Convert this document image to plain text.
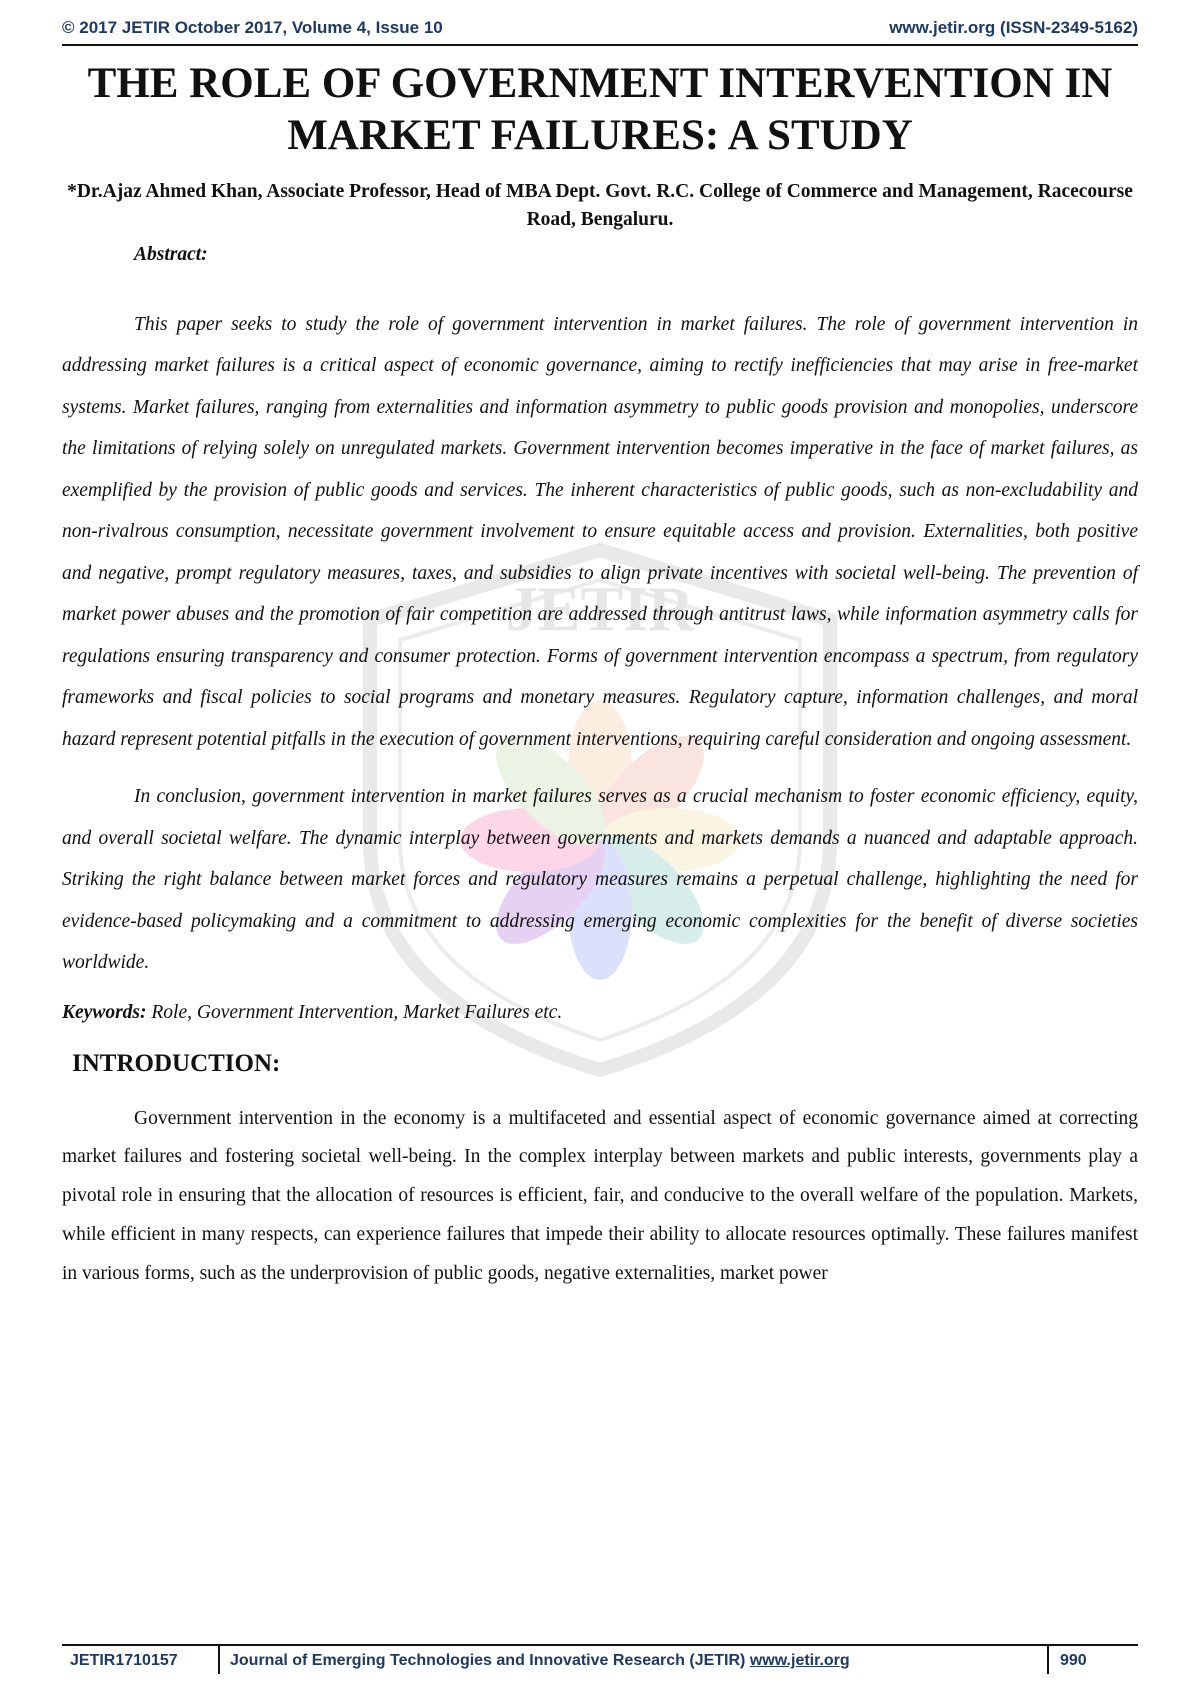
© 2017 JETIR October 2017, Volume 4, Issue 10	www.jetir.org (ISSN-2349-5162)
JETIR
THE ROLE OF GOVERNMENT INTERVENTION IN MARKET FAILURES: A STUDY

*Dr.Ajaz Ahmed Khan, Associate Professor, Head of MBA Dept. Govt. R.C. College of Commerce and Management, Racecourse Road, Bengaluru.

Abstract:

This paper seeks to study the role of government intervention in market failures. The role of government intervention in addressing market failures is a critical aspect of economic governance, aiming to rectify inefficiencies that may arise in free-market systems. Market failures, ranging from externalities and information asymmetry to public goods provision and monopolies, underscore the limitations of relying solely on unregulated markets. Government intervention becomes imperative in the face of market failures, as exemplified by the provision of public goods and services. The inherent characteristics of public goods, such as non-excludability and non-rivalrous consumption, necessitate government involvement to ensure equitable access and provision. Externalities, both positive and negative, prompt regulatory measures, taxes, and subsidies to align private incentives with societal well-being. The prevention of market power abuses and the promotion of fair competition are addressed through antitrust laws, while information asymmetry calls for regulations ensuring transparency and consumer protection. Forms of government intervention encompass a spectrum, from regulatory frameworks and fiscal policies to social programs and monetary measures. Regulatory capture, information challenges, and moral hazard represent potential pitfalls in the execution of government interventions, requiring careful consideration and ongoing assessment.

In conclusion, government intervention in market failures serves as a crucial mechanism to foster economic efficiency, equity, and overall societal welfare. The dynamic interplay between governments and markets demands a nuanced and adaptable approach. Striking the right balance between market forces and regulatory measures remains a perpetual challenge, highlighting the need for evidence-based policymaking and a commitment to addressing emerging economic complexities for the benefit of diverse societies worldwide.

Keywords: Role, Government Intervention, Market Failures etc.

INTRODUCTION:

Government intervention in the economy is a multifaceted and essential aspect of economic governance aimed at correcting market failures and fostering societal well-being. In the complex interplay between markets and public interests, governments play a pivotal role in ensuring that the allocation of resources is efficient, fair, and conducive to the overall welfare of the population. Markets, while efficient in many respects, can experience failures that impede their ability to allocate resources optimally. These failures manifest in various forms, such as the underprovision of public goods, negative externalities, market power

JETIR1710157	Journal of Emerging Technologies and Innovative Research (JETIR) www.jetir.org	990
